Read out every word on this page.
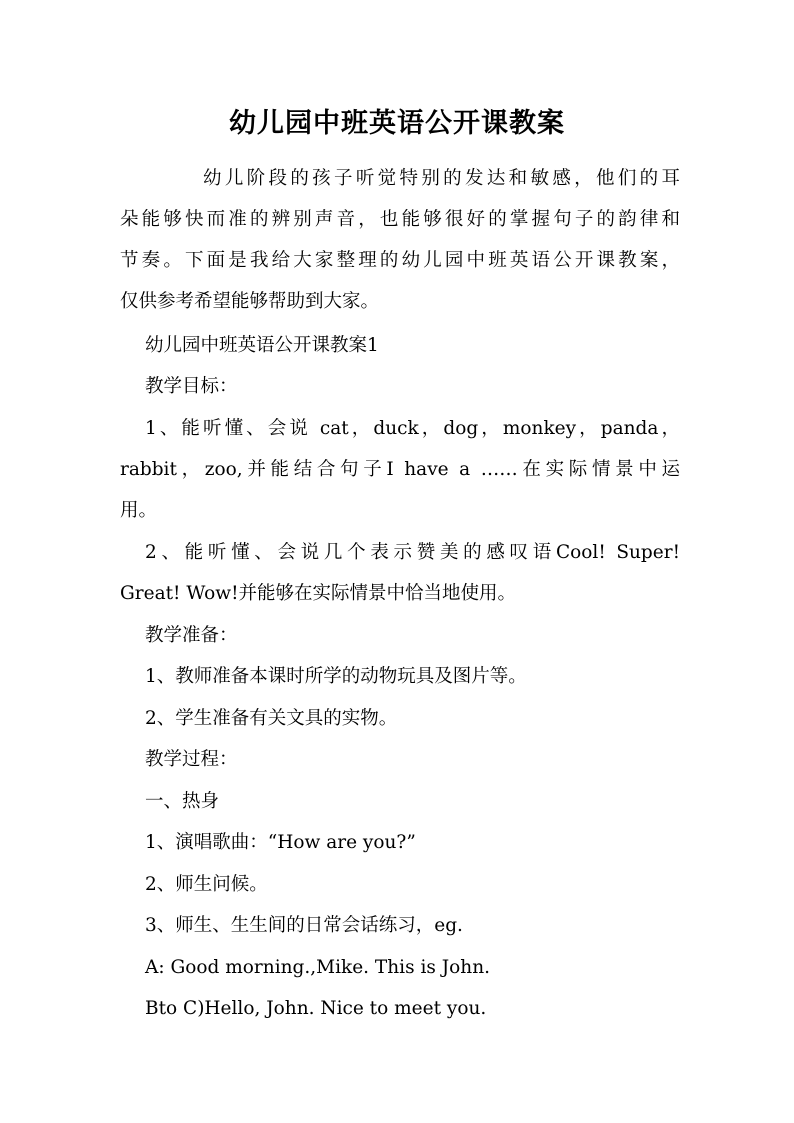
幼儿园中班英语公开课教案

幼儿阶段的孩子听觉特别的发达和敏感，他们的耳

朵能够快而准的辨别声音，也能够很好的掌握句子的韵律和

节奏。下面是我给大家整理的幼儿园中班英语公开课教案，

仅供参考希望能够帮助到大家。

幼儿园中班英语公开课教案1

教学目标：

1、能听懂、会说 cat，duck，dog，monkey，panda，

rabbit，zoo,并能结合句子I have a ……在实际情景中运

用。

2、能听懂、会说几个表示赞美的感叹语Cool! Super!

Great! Wow!并能够在实际情景中恰当地使用。

教学准备：

1、教师准备本课时所学的动物玩具及图片等。

2、学生准备有关文具的实物。

教学过程：

一、热身

1、演唱歌曲：“How are you?”

2、师生问候。

3、师生、生生间的日常会话练习，eg.

A: Good morning.,Mike. This is John.

Bto C)Hello, John. Nice to meet you.
